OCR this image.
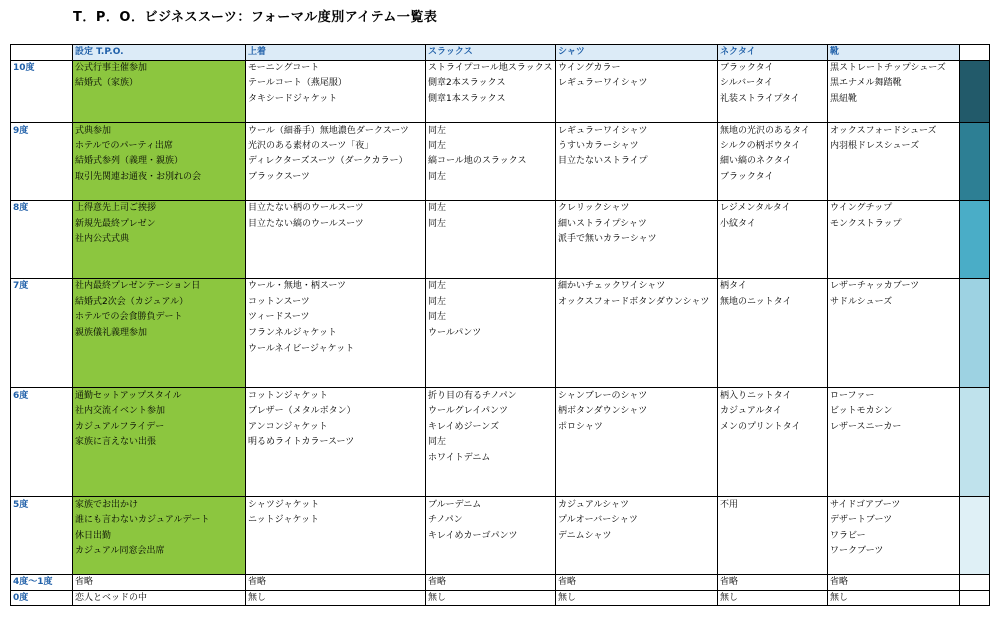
T．P．O．ビジネススーツ：フォーマル度別アイテム一覧表
	設定 T.P.O.	上着	スラックス	シャツ	ネクタイ	靴	
10度	公式行事主催参加	モーニングコート	ストライプコール地スラックス	ウイングカラー	ブラックタイ	黒ストレートチップシューズ	
	結婚式（家族）	テールコート（燕尾服）	側章2本スラックス	レギュラーワイシャツ	シルバータイ	黒エナメル舞踏靴	
		タキシードジャケット	側章1本スラックス		礼装ストライプタイ	黒紐靴	

9度	式典参加	ウール（細番手）無地濃色ダークスーツ	同左	レギュラーワイシャツ	無地の光沢のあるタイ	オックスフォードシューズ	
	ホテルでのパーティ出席	光沢のある素材のスーツ「夜」	同左	うすいカラーシャツ	シルクの柄ボウタイ	内羽根ドレスシューズ	
	結婚式参列（義理・親族）	ディレクターズスーツ（ダークカラー）	縞コール地のスラックス	目立たないストライプ	細い縞のネクタイ		
	取引先関連お通夜・お別れの会	ブラックスーツ	同左		ブラックタイ		

8度	上得意先上司ご挨拶	目立たない柄のウールスーツ	同左	クレリックシャツ	レジメンタルタイ	ウイングチップ	
	新規先最終プレゼン	目立たない縞のウールスーツ	同左	細いストライプシャツ	小紋タイ	モンクストラップ	
	社内公式式典			派手で無いカラーシャツ			

7度	社内最終プレゼンテーション日	ウール・無地・柄スーツ	同左	細かいチェックワイシャツ	柄タイ	レザーチャッカブーツ	
	結婚式2次会（カジュアル）	コットンスーツ	同左	オックスフォードボタンダウンシャツ	無地のニットタイ	サドルシューズ	
	ホテルでの会食勝負デート	ツィードスーツ	同左				
	親族儀礼義理参加	フランネルジャケット	ウールパンツ				
		ウールネイビージャケット					

6度	通勤セットアップスタイル	コットンジャケット	折り目の有るチノパン	シャンブレーのシャツ	柄入りニットタイ	ローファー	
	社内交流イベント参加	ブレザー（メタルボタン）	ウールグレイパンツ	柄ボタンダウンシャツ	カジュアルタイ	ビットモカシン	
	カジュアルフライデー	アンコンジャケット	キレイめジーンズ	ポロシャツ	メンのプリントタイ	レザースニーカー	
	家族に言えない出張	明るめライトカラースーツ	同左				
			ホワイトデニム				

5度	家族でお出かけ	シャツジャケット	ブルーデニム	カジュアルシャツ	不用	サイドゴアブーツ	
	誰にも言わないカジュアルデート	ニットジャケット	チノパン	プルオーバーシャツ		デザートブーツ	
	休日出勤		キレイめカーゴパンツ	デニムシャツ		ワラビー	
	カジュアル同窓会出席					ワークブーツ	

4度〜1度	省略	省略	省略	省略	省略	省略	
0度	恋人とベッドの中	無し	無し	無し	無し	無し	
